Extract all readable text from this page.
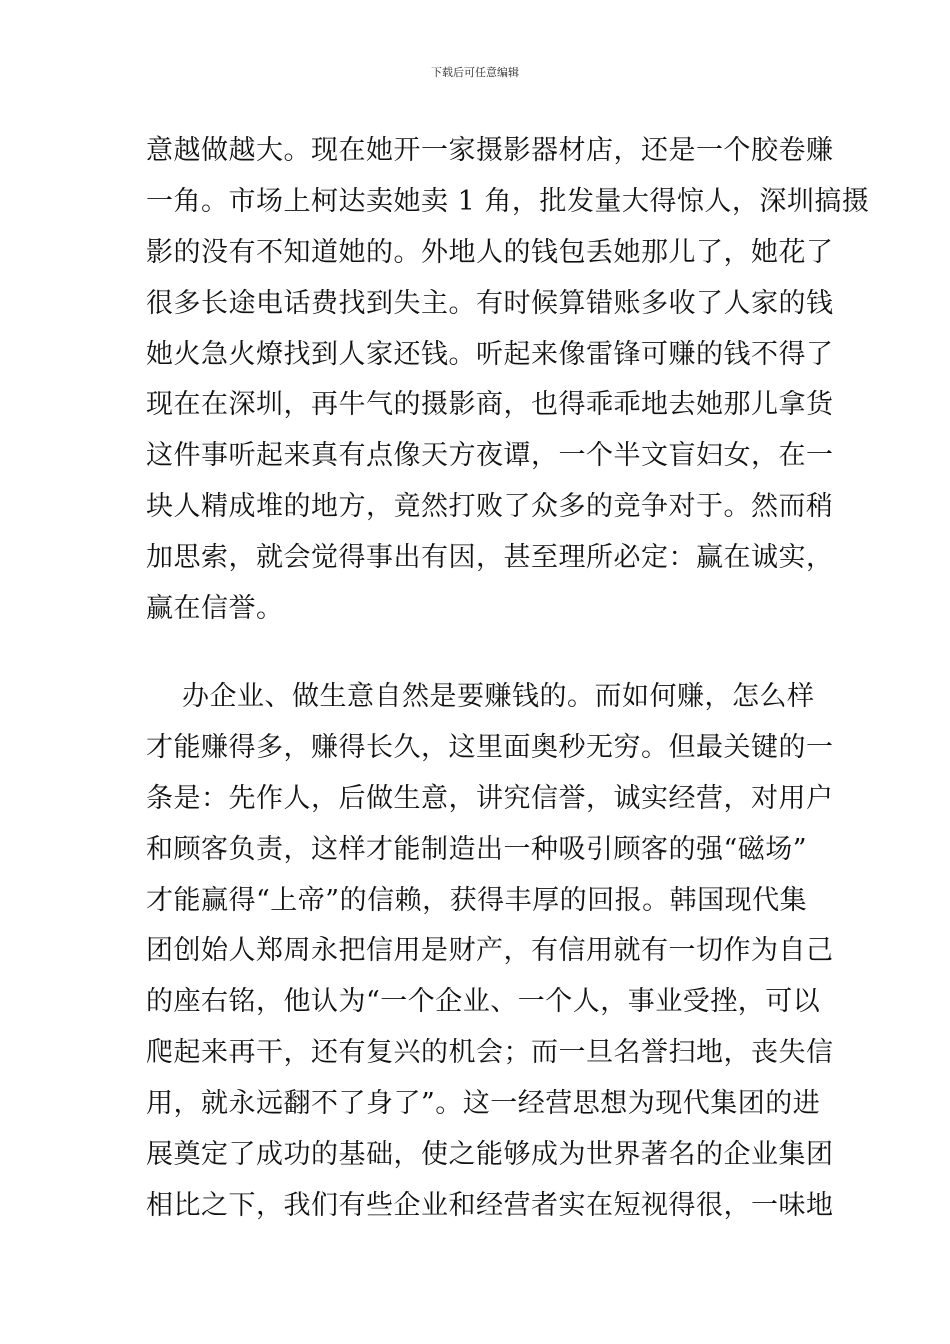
下载后可任意编辑
意越做越大。现在她开一家摄影器材店，还是一个胶卷赚
一角。市场上柯达卖她卖 1 角，批发量大得惊人，深圳搞摄
影的没有不知道她的。外地人的钱包丢她那儿了，她花了
很多长途电话费找到失主。有时候算错账多收了人家的钱
她火急火燎找到人家还钱。听起来像雷锋可赚的钱不得了
现在在深圳，再牛气的摄影商，也得乖乖地去她那儿拿货
这件事听起来真有点像天方夜谭，一个半文盲妇女，在一
块人精成堆的地方，竟然打败了众多的竞争对于。然而稍
加思索，就会觉得事出有因，甚至理所必定：赢在诚实，
赢在信誉。
办企业、做生意自然是要赚钱的。而如何赚，怎么样
才能赚得多，赚得长久，这里面奥秒无穷。但最关键的一
条是：先作人，后做生意，讲究信誉，诚实经营，对用户
和顾客负责，这样才能制造出一种吸引顾客的强“磁场”
才能赢得“上帝”的信赖，获得丰厚的回报。韩国现代集
团创始人郑周永把信用是财产，有信用就有一切作为自己
的座右铭，他认为“一个企业、一个人，事业受挫，可以
爬起来再干，还有复兴的机会；而一旦名誉扫地，丧失信
用，就永远翻不了身了”。这一经营思想为现代集团的进
展奠定了成功的基础，使之能够成为世界著名的企业集团
相比之下，我们有些企业和经营者实在短视得很，一味地
